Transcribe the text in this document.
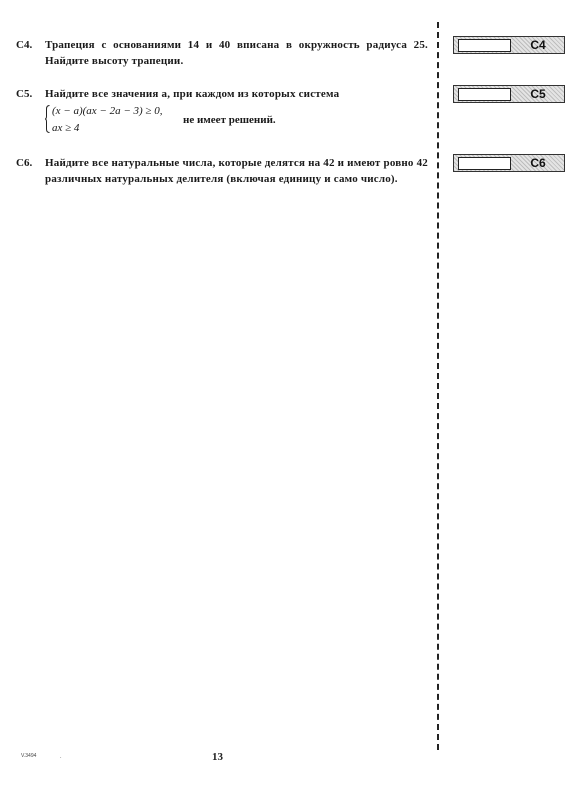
C4. Трапеция с основаниями 14 и 40 вписана в окружность радиуса 25. Найдите высоту трапеции.
C5. Найдите все значения a, при каждом из которых система
(x − a)(ax − 2a − 3) ≥ 0,
ax ≥ 4
не имеет решений.
C6. Найдите все натуральные числа, которые делятся на 42 и имеют ровно 42 различных натуральных делителя (включая единицу и само число).
C4
C5
C6
V.3494	.	13
